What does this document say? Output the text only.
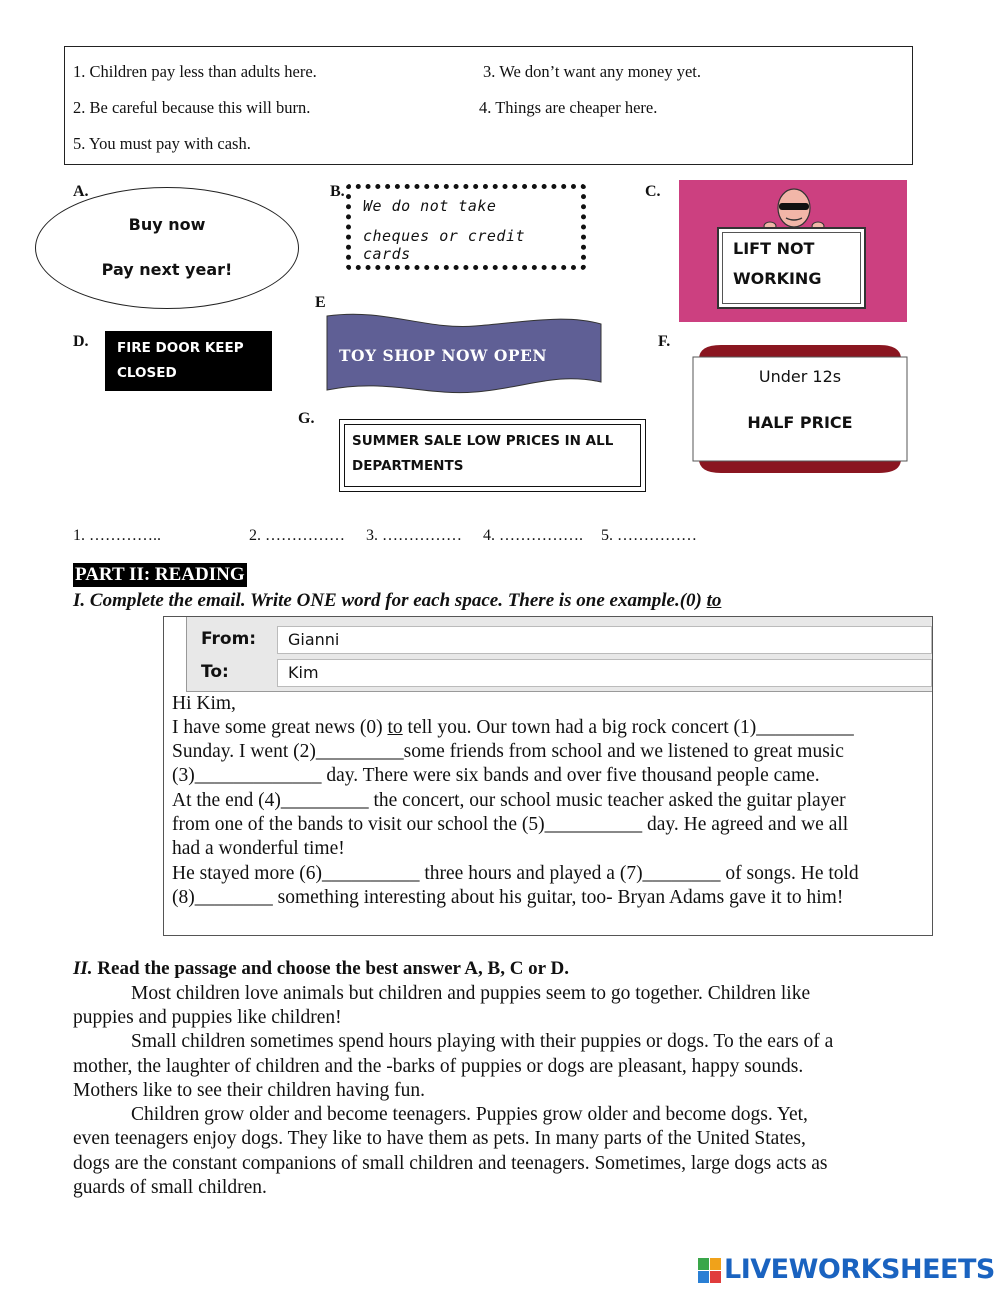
1. Children pay less than adults here.	3. We don’t want any money yet.
2. Be careful because this will burn.	4. Things are cheaper here.
5. You must pay with cash.
A.	B.	C.
D.
E
F.
G.
Buy now
Pay next year!
We do not take
cheques or credit cards	LIFT NOT
WORKING
FIRE DOOR KEEP
CLOSED
TOY SHOP NOW OPEN
Under 12s
HALF PRICE
SUMMER SALE LOW PRICES IN ALL
DEPARTMENTS
1. …………..	2. …………… 3. …………… 4. ……………. 5. ……………
PART II: READING
I. Complete the email. Write ONE word for each space. There is one example.(0) to
From: Gianni
To:	Kim
Hi Kim,
I have some great news (0) to tell you. Our town had a big rock concert (1)__________
Sunday. I went (2)_________some friends from school and we listened to great music
(3)_____________ day. There were six bands and over five thousand people came.
At the end (4)_________ the concert, our school music teacher asked the guitar player
from one of the bands to visit our school the (5)__________ day. He agreed and we all
had a wonderful time!
He stayed more (6)__________ three hours and played a (7)________ of songs. He told
(8)________ something interesting about his guitar, too- Bryan Adams gave it to him!
II. Read the passage and choose the best answer A, B, C or D.
Most children love animals but children and puppies seem to go together. Children like
puppies and puppies like children!
Small children sometimes spend hours playing with their puppies or dogs. To the ears of a
mother, the laughter of children and the -barks of puppies or dogs are pleasant, happy sounds.
Mothers like to see their children having fun.
Children grow older and become teenagers. Puppies grow older and become dogs. Yet,
even teenagers enjoy dogs. They like to have them as pets. In many parts of the United States,
dogs are the constant companions of small children and teenagers. Sometimes, large dogs acts as
guards of small children.
LIVEWORKSHEETS
